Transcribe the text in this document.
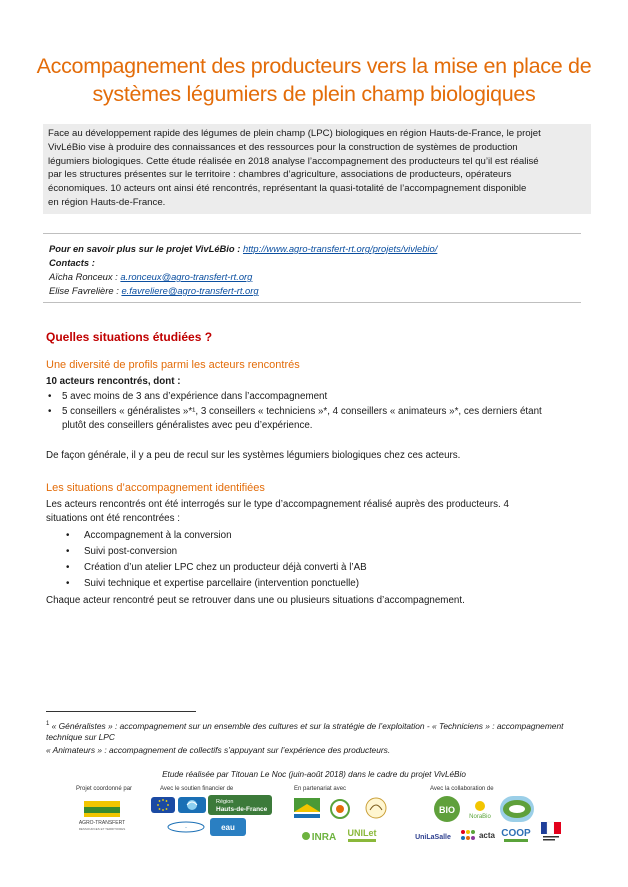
Accompagnement des producteurs vers la mise en place de
systèmes légumiers de plein champ biologiques
Face au développement rapide des légumes de plein champ (LPC) biologiques en région Hauts-de-France, le projet
VivLéBio vise à produire des connaissances et des ressources pour la construction de systèmes de production
légumiers biologiques. Cette étude réalisée en 2018 analyse l’accompagnement des producteurs tel qu’il est réalisé
par les structures présentes sur le territoire : chambres d’agriculture, associations de producteurs, opérateurs
économiques. 10 acteurs ont ainsi été rencontrés, représentant la quasi-totalité de l’accompagnement disponible
en région Hauts-de-France.
Pour en savoir plus sur le projet VivLéBio : http://www.agro-transfert-rt.org/projets/vivlebio/
Contacts :
Aïcha Ronceux : a.ronceux@agro-transfert-rt.org
Elise Favrelière : e.favreliere@agro-transfert-rt.org
Quelles situations étudiées ?
Une diversité de profils parmi les acteurs rencontrés
10 acteurs rencontrés, dont :
• 5 avec moins de 3 ans d’expérience dans l’accompagnement
• 5 conseillers « généralistes »*¹, 3 conseillers « techniciens »*, 4 conseillers « animateurs »*, ces derniers étant
plutôt des conseillers généralistes avec peu d’expérience.
De façon générale, il y a peu de recul sur les systèmes légumiers biologiques chez ces acteurs.
Les situations d’accompagnement identifiées
Les acteurs rencontrés ont été interrogés sur le type d’accompagnement réalisé auprès des producteurs. 4
situations ont été rencontrées :
• Accompagnement à la conversion
• Suivi post-conversion
• Création d’un atelier LPC chez un producteur déjà converti à l’AB
• Suivi technique et expertise parcellaire (intervention ponctuelle)
Chaque acteur rencontré peut se retrouver dans une ou plusieurs situations d’accompagnement.
$^1$ « Généralistes » : accompagnement sur un ensemble des cultures et sur la stratégie de l’exploitation - « Techniciens » : accompagnement
technique sur LPC
« Animateurs » : accompagnement de collectifs s’appuyant sur l’expérience des producteurs.
Etude réalisée par Titouan Le Noc (juin-août 2018) dans le cadre du projet VivLéBio
Projet coordonné par	Avec le soutien financier de	En partenariat avec	Avec la collaboration de
AGRO-TRANSFERT
RESSOURCES ET TERRITOIRES
Région
Hauts-de-France
~	eau
INRA UNILet
BIO
NoraBio
UniLaSalle	acta COOP
